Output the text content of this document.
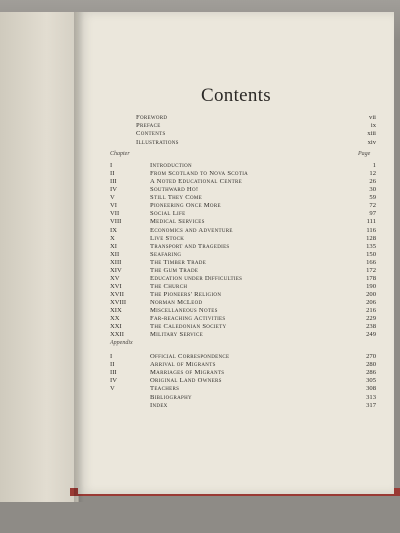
Contents
Foreword	vii
Preface	ix
Contents	xiii
Illustrations	xiv
Chapter	Page
I	Introduction	1
II	From Scotland to Nova Scotia	12
III	A Noted Educational Centre	26
IV	Southward Ho!	30
V	Still They Come	59
VI	Pioneering Once More	72
VII	Social Life	97
VIII	Medical Services	111
IX	Economics and Adventure	116
X	Live Stock	128
XI	Transport and Tragedies	135
XII	Seafaring	150
XIII	The Timber Trade	166
XIV	The Gum Trade	172
XV	Education under Difficulties	178
XVI	The Church	190
XVII	The Pioneers' Religion	200
XVIII	Norman McLeod	206
XIX	Miscellaneous Notes	216
XX	Far-reaching Activities	229
XXI	The Caledonian Society	238
XXII	Military Service	249
Appendix
I	Official Correspondence	270
II	Arrival of Migrants	280
III	Marriages of Migrants	286
IV	Original Land Owners	305
V	Teachers	308
Bibliography	313
Index	317
